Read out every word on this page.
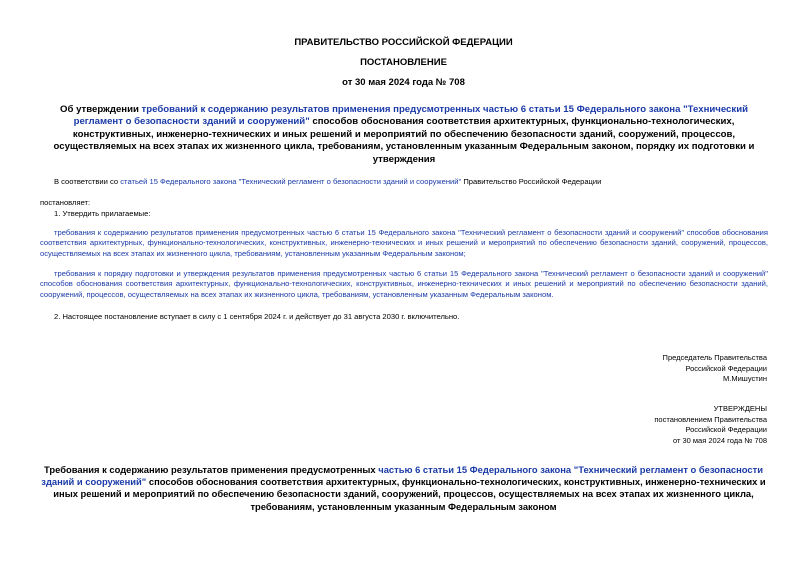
ПРАВИТЕЛЬСТВО РОССИЙСКОЙ ФЕДЕРАЦИИ
ПОСТАНОВЛЕНИЕ
от 30 мая 2024 года № 708
Об утверждении требований к содержанию результатов применения предусмотренных частью 6 статьи 15 Федерального закона "Технический регламент о безопасности зданий и сооружений" способов обоснования соответствия архитектурных, функционально-технологических, конструктивных, инженерно-технических и иных решений и мероприятий по обеспечению безопасности зданий, сооружений, процессов, осуществляемых на всех этапах их жизненного цикла, требованиям, установленным указанным Федеральным законом, порядку их подготовки и утверждения
В соответствии со статьей 15 Федерального закона "Технический регламент о безопасности зданий и сооружений" Правительство Российской Федерации
постановляет:
1. Утвердить прилагаемые:
требования к содержанию результатов применения предусмотренных частью 6 статьи 15 Федерального закона "Технический регламент о безопасности зданий и сооружений" способов обоснования соответствия архитектурных, функционально-технологических, конструктивных, инженерно-технических и иных решений и мероприятий по обеспечению безопасности зданий, сооружений, процессов, осуществляемых на всех этапах их жизненного цикла, требованиям, установленным указанным Федеральным законом;
требования к порядку подготовки и утверждения результатов применения предусмотренных частью 6 статьи 15 Федерального закона "Технический регламент о безопасности зданий и сооружений" способов обоснования соответствия архитектурных, функционально-технологических, конструктивных, инженерно-технических и иных решений и мероприятий по обеспечению безопасности зданий, сооружений, процессов, осуществляемых на всех этапах их жизненного цикла, требованиям, установленным указанным Федеральным законом.
2. Настоящее постановление вступает в силу с 1 сентября 2024 г. и действует до 31 августа 2030 г. включительно.
Председатель Правительства
Российской Федерации
М.Мишустин
УТВЕРЖДЕНЫ
постановлением Правительства
Российской Федерации
от 30 мая 2024 года № 708
Требования к содержанию результатов применения предусмотренных частью 6 статьи 15 Федерального закона "Технический регламент о безопасности зданий и сооружений" способов обоснования соответствия архитектурных, функционально-технологических, конструктивных, инженерно-технических и иных решений и мероприятий по обеспечению безопасности зданий, сооружений, процессов, осуществляемых на всех этапах их жизненного цикла, требованиям, установленным указанным Федеральным законом
